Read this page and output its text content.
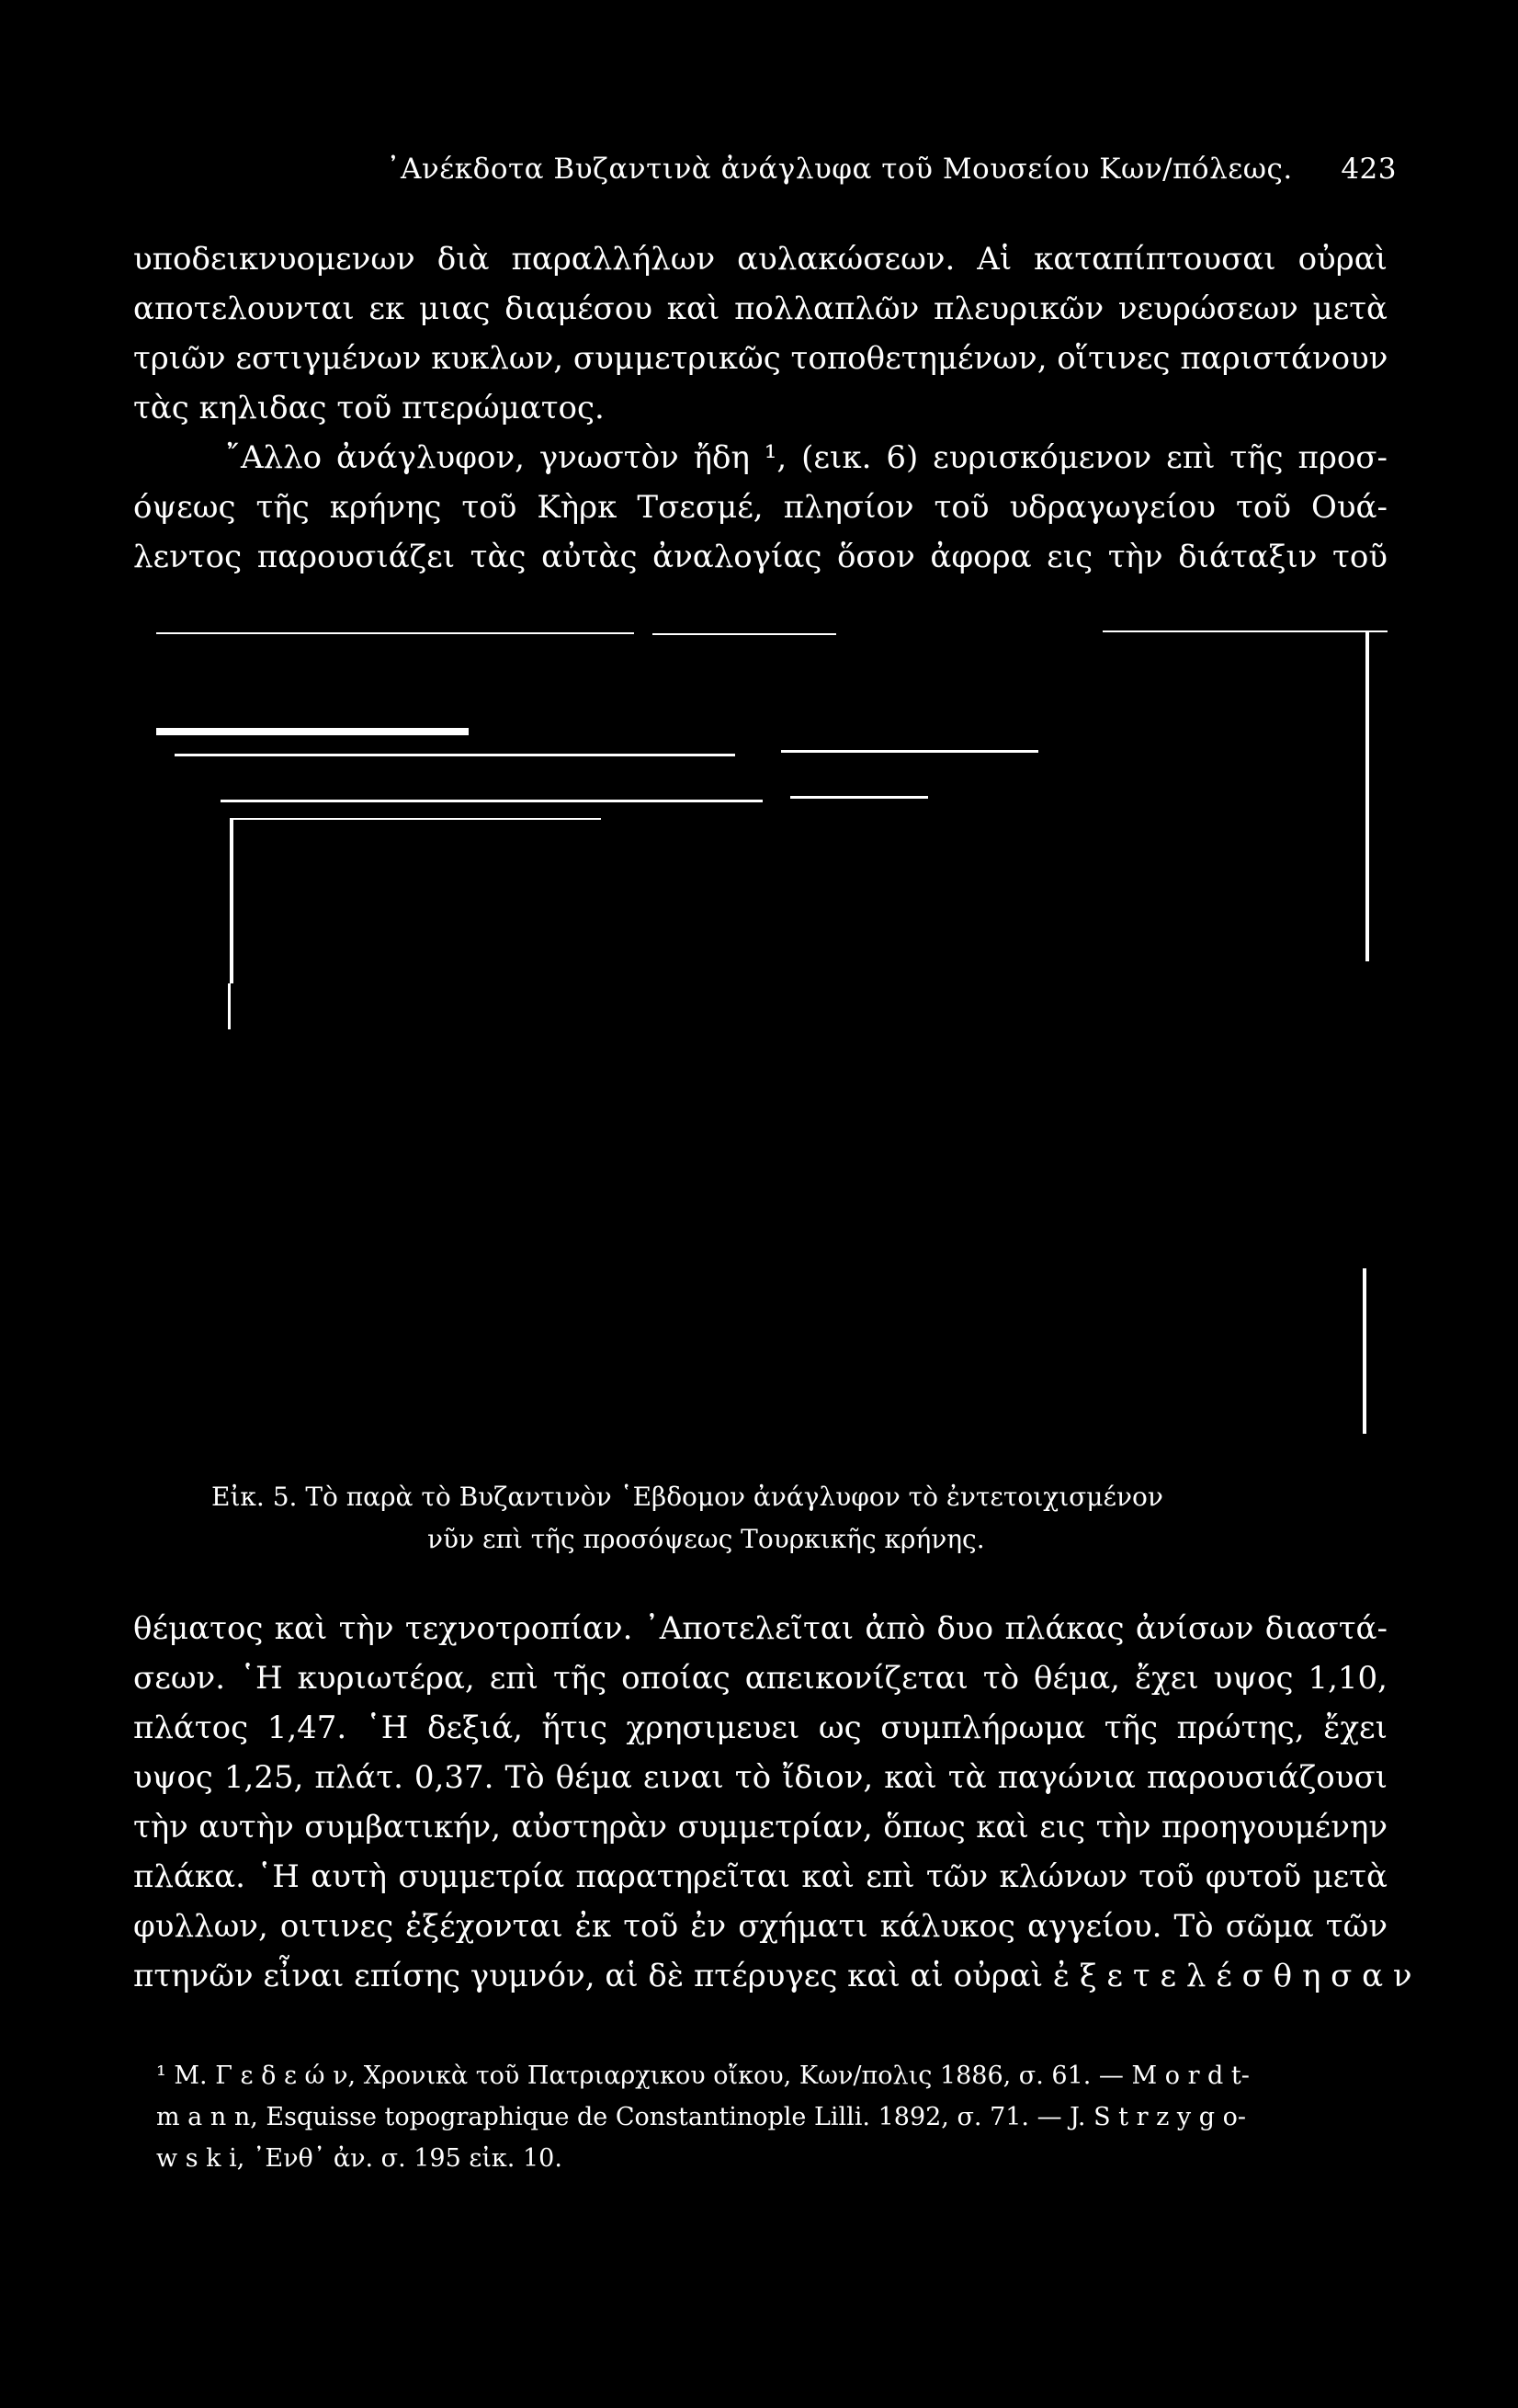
᾿Ανέκδοτα Βυζαντινὰ ἀνάγλυφα τοῦ Μουσείου Κων/πόλεως. 423

υποδεικνυομενων διὰ παραλλήλων αυλακώσεων. Αἱ καταπίπτουσαι οὐραὶ
αποτελουνται εκ μιας διαμέσου καὶ πολλαπλῶν πλευρικῶν νευρώσεων μετὰ
τριῶν εστιγμένων κυκλων, συμμετρικῶς τοποθετημένων, οἵτινες παριστάνουν
τὰς κηλιδας τοῦ πτερώματος.

῎Αλλο ἀνάγλυφον, γνωστὸν ἤδη ¹, (εικ. 6) ευρισκόμενον επὶ τῆς προσ-
όψεως τῆς κρήνης τοῦ Κὴρκ Τσεσμέ, πλησίον τοῦ υδραγωγείου τοῦ Ουά-
λεντος παρουσιάζει τὰς αὐτὰς ἀναλογίας ὅσον ἀφορα εις τὴν διάταξιν τοῦ

Εἰκ. 5. Τὸ παρὰ τὸ Βυζαντινὸν ῾Εβδομον ἀνάγλυφον τὸ ἐντετοιχισμένον
νῦν επὶ τῆς προσόψεως Τουρκικῆς κρήνης.

θέματος καὶ τὴν τεχνοτροπίαν. ᾿Αποτελεῖται ἀπὸ δυο πλάκας ἀνίσων διαστά-
σεων. ῾Η κυριωτέρα, επὶ τῆς οποίας απεικονίζεται τὸ θέμα, ἔχει υψος 1,10,
πλάτος 1,47. ῾Η δεξιά, ἥτις χρησιμευει ως συμπλήρωμα τῆς πρώτης, ἔχει
υψος 1,25, πλάτ. 0,37. Τὸ θέμα ειναι τὸ ἴδιον, καὶ τὰ παγώνια παρουσιάζουσι
τὴν αυτὴν συμβατικήν, αὐστηρὰν συμμετρίαν, ὅπως καὶ εις τὴν προηγουμένην
πλάκα. ῾Η αυτὴ συμμετρία παρατηρεῖται καὶ επὶ τῶν κλώνων τοῦ φυτοῦ μετὰ
φυλλων, οιτινες ἐξέχονται ἐκ τοῦ ἐν σχήματι κάλυκος αγγείου. Τὸ σῶμα τῶν
πτηνῶν εἶναι επίσης γυμνόν, αἱ δὲ πτέρυγες καὶ αἱ οὐραὶ ἐ ξ ε τ ε λ έ σ θ η σ α ν

¹ Μ. Γ ε δ ε ώ ν, Χρονικὰ τοῦ Πατριαρχικου οἴκου, Κων/πολις 1886, σ. 61. — M o r d t-
m a n n, Esquisse topographique de Constantinople Lilli. 1892, σ. 71. — J. S t r z y g o-
w s k i, ᾿Ενθ᾿ ἀν. σ. 195 εἰκ. 10.
